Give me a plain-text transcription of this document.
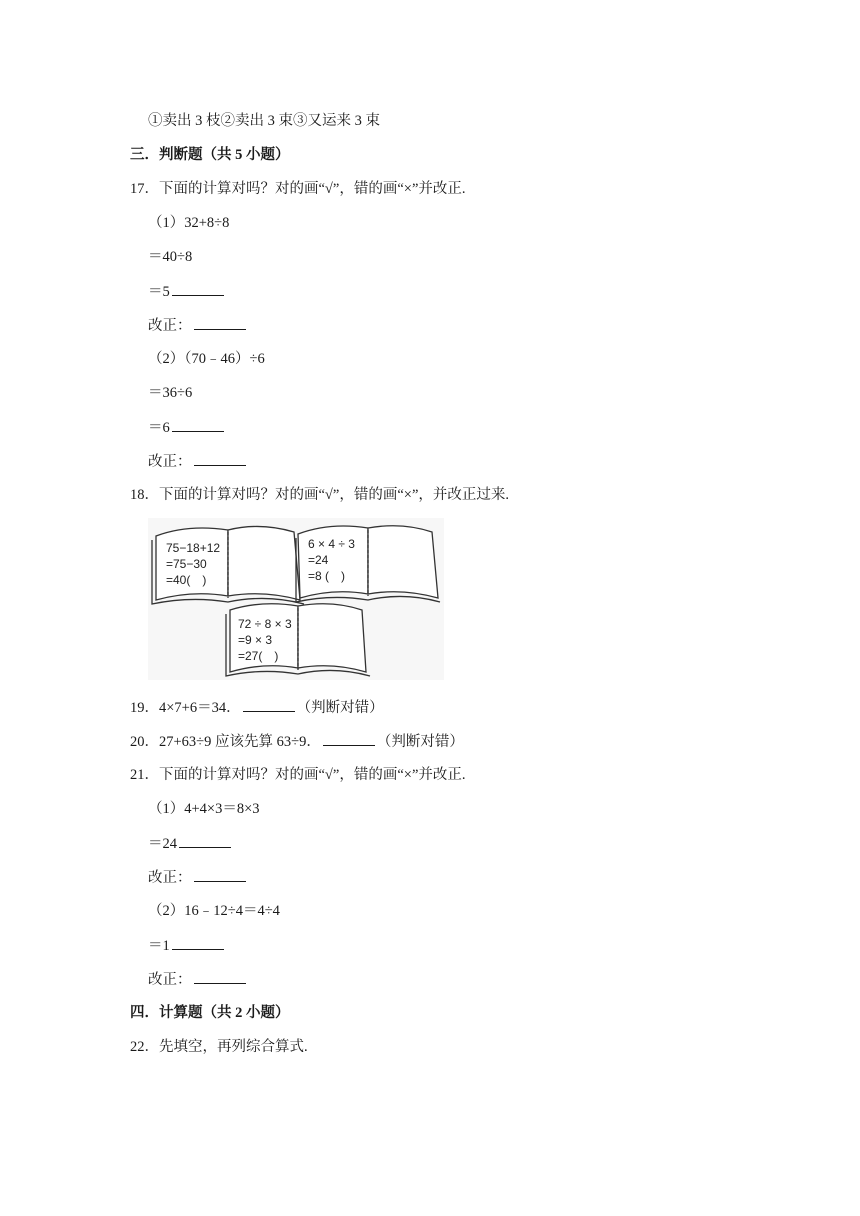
①卖出 3 枝②卖出 3 束③又运来 3 束
三．判断题（共 5 小题）
17．下面的计算对吗？对的画“√”，错的画“×”并改正.
（1）32+8÷8
＝40÷8
＝5
改正：
（2）（70﹣46）÷6
＝36÷6
＝6
改正：
18．下面的计算对吗？对的画“√”，错的画“×”，并改正过来.
75−18+12
=75−30
=40(　)
6 × 4 ÷ 3
=24
=8 (　)
72 ÷ 8 × 3
=9 × 3
=27(　)
19．4×7+6＝34．	（判断对错）
20．27+63÷9 应该先算 63÷9．	（判断对错）
21．下面的计算对吗？对的画“√”，错的画“×”并改正.
（1）4+4×3＝8×3
＝24
改正：
（2）16﹣12÷4＝4÷4
＝1
改正：
四．计算题（共 2 小题）
22．先填空，再列综合算式.
